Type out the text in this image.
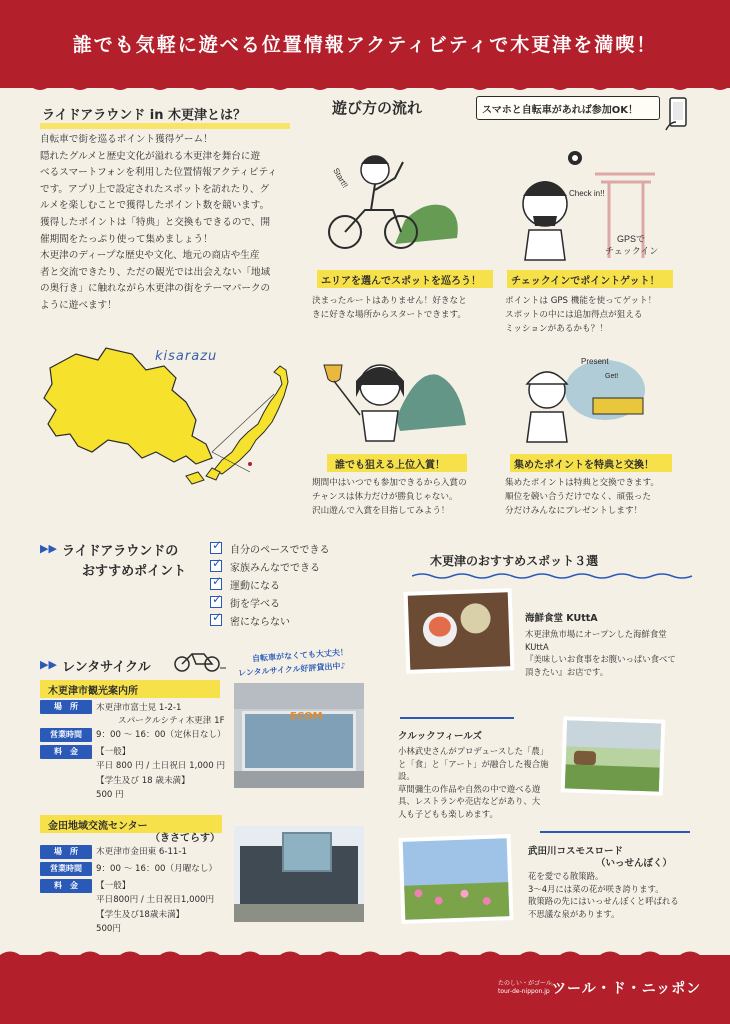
誰でも気軽に遊べる位置情報アクティビティで木更津を満喫！
ライドアラウンド in 木更津とは？
自転車で街を巡るポイント獲得ゲーム！
隠れたグルメと歴史文化が溢れる木更津を舞台に遊
べるスマートフォンを利用した位置情報アクティビティ
です。アプリ上で設定されたスポットを訪れたり、グ
ルメを楽しむことで獲得したポイント数を競います。
獲得したポイントは「特典」と交換もできるので、開
催期間をたっぷり使って集めましょう！
木更津のディープな歴史や文化、地元の商店や生産
者と交流できたり、ただの観光では出会えない「地域
の奥行き」に触れながら木更津の街をテーマパークの
ように遊べます！
kisarazu
遊び方の流れ	スマホと自転車があれば参加OK！
Start!!
Check in!!
GPSで
チェックイン
エリアを選んでスポットを巡ろう！
決まったルートはありません！好きなと
きに好きな場所からスタートできます。
チェックインでポイントゲット！
ポイントは GPS 機能を使ってゲット！
スポットの中には追加得点が狙える
ミッションがあるかも？！
Present
Get!
誰でも狙える上位入賞！
期間中はいつでも参加できるから入賞の
チャンスは体力だけが勝負じゃない。
沢山遊んで入賞を目指してみよう！
集めたポイントを特典と交換！
集めたポイントは特典と交換できます。
順位を競い合うだけでなく、頑張った
分だけみんなにプレゼントします！
▶▶ ライドアラウンドの
おすすめポイント
✓ 自分のペースでできる
✓ 家族みんなでできる
✓ 運動になる
✓ 街を学べる
✓ 密にならない
▶▶ レンタサイクル
自転車がなくても大丈夫！
レンタルサイクル好評貸出中♪
木更津市観光案内所
場　所	木更津市富士見 1-2-1
スパークルシティ木更津 1F
営業時間	9：00 ～ 16：00（定休日なし）
料　金	【一般】
平日 800 円 / 土日祝日 1,000 円
【学生及び 18 歳未満】
500 円
ECOM
金田地域交流センター
（きさてらす）
場　所	木更津市金田東 6-11-1
営業時間	9：00 ～ 16：00（月曜なし）
料　金	【一般】
平日800円 / 土日祝日1,000円
【学生及び18歳未満】
500円
木更津のおすすめスポット３選
海鮮食堂 KUttA
木更津魚市場にオープンした海鮮食堂
KUttA
『美味しいお食事をお腹いっぱい食べて
頂きたい』お店です。
クルックフィールズ
小林武史さんがプロデュースした「農」
と「食」と「アート」が融合した複合施設。
草間彌生の作品や自然の中で遊べる遊
具、レストランや売店などがあり、大
人も子どもも楽しめます。
武田川コスモスロード
（いっせんぼく）
花を愛でる散策路。
3～4月には菜の花が咲き誇ります。
散策路の先にはいっせんぼくと呼ばれる
不思議な泉があります。
たのしい・がゴール。
tour-de-nippon.jp ツール・ド・ニッポン
